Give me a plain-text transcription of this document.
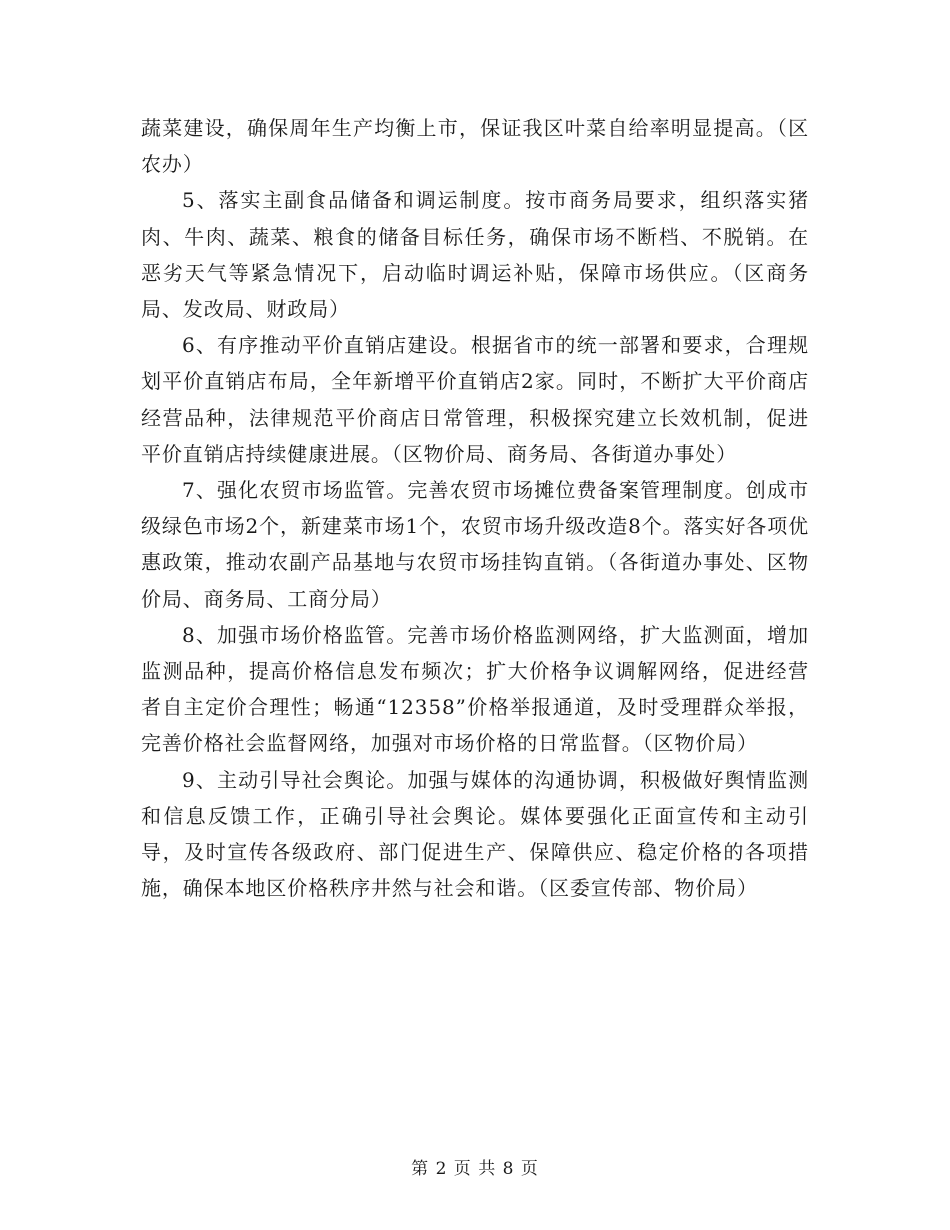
蔬菜建设，确保周年生产均衡上市，保证我区叶菜自给率明显提高。（区农办）

5、落实主副食品储备和调运制度。按市商务局要求，组织落实猪肉、牛肉、蔬菜、粮食的储备目标任务，确保市场不断档、不脱销。在恶劣天气等紧急情况下，启动临时调运补贴，保障市场供应。（区商务局、发改局、财政局）

6、有序推动平价直销店建设。根据省市的统一部署和要求，合理规划平价直销店布局，全年新增平价直销店2家。同时，不断扩大平价商店经营品种，法律规范平价商店日常管理，积极探究建立长效机制，促进平价直销店持续健康进展。（区物价局、商务局、各街道办事处）

7、强化农贸市场监管。完善农贸市场摊位费备案管理制度。创成市级绿色市场2个，新建菜市场1个，农贸市场升级改造8个。落实好各项优惠政策，推动农副产品基地与农贸市场挂钩直销。（各街道办事处、区物价局、商务局、工商分局）

8、加强市场价格监管。完善市场价格监测网络，扩大监测面，增加监测品种，提高价格信息发布频次；扩大价格争议调解网络，促进经营者自主定价合理性；畅通“12358”价格举报通道，及时受理群众举报，完善价格社会监督网络，加强对市场价格的日常监督。（区物价局）

9、主动引导社会舆论。加强与媒体的沟通协调，积极做好舆情监测和信息反馈工作，正确引导社会舆论。媒体要强化正面宣传和主动引导，及时宣传各级政府、部门促进生产、保障供应、稳定价格的各项措施，确保本地区价格秩序井然与社会和谐。（区委宣传部、物价局）

第 2 页 共 8 页
